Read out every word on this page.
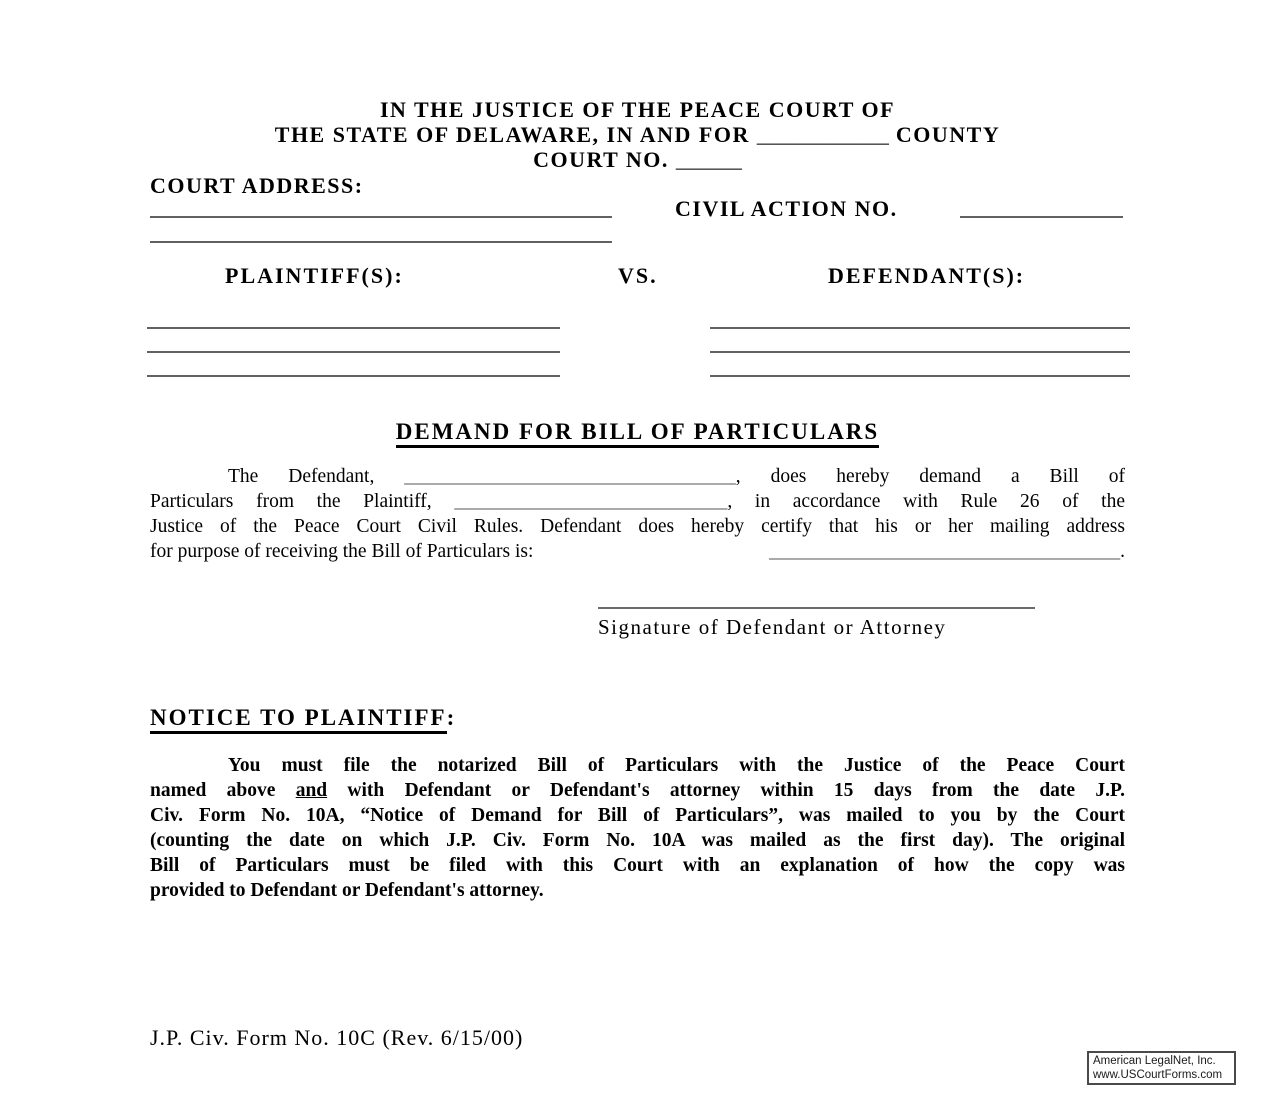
IN THE JUSTICE OF THE PEACE COURT OF
THE STATE OF DELAWARE, IN AND FOR ____________ COUNTY
COURT NO. ______
COURT ADDRESS:
CIVIL ACTION NO.
PLAINTIFF(S):	VS.	DEFENDANT(S):
DEMAND FOR BILL OF PARTICULARS
The Defendant, __________________________________, does hereby demand a Bill of
Particulars from the Plaintiff, ____________________________, in accordance with Rule 26 of the
Justice of the Peace Court Civil Rules. Defendant does hereby certify that his or her mailing address
for purpose of receiving the Bill of Particulars is:	____________________________________.
Signature of Defendant or Attorney
NOTICE TO PLAINTIFF:
You must file the notarized Bill of Particulars with the Justice of the Peace Court
named above and with Defendant or Defendant's attorney within 15 days from the date J.P.
Civ. Form No. 10A, “Notice of Demand for Bill of Particulars”, was mailed to you by the Court
(counting the date on which J.P. Civ. Form No. 10A was mailed as the first day). The original
Bill of Particulars must be filed with this Court with an explanation of how the copy was
provided to Defendant or Defendant's attorney.
J.P. Civ. Form No. 10C (Rev. 6/15/00)
American LegalNet, Inc.
www.USCourtForms.com
